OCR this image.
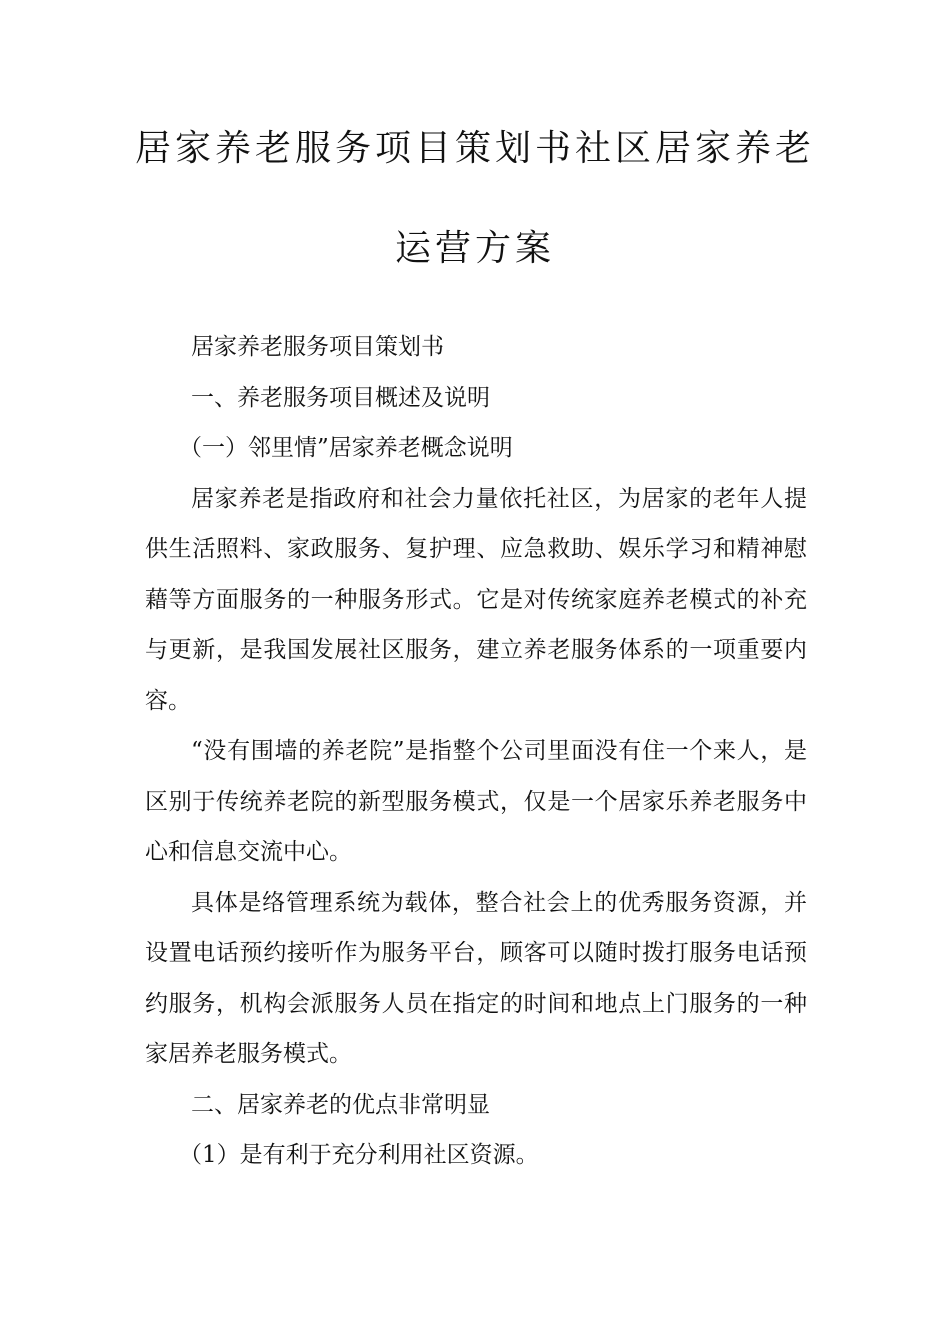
居家养老服务项目策划书社区居家养老
运营方案

居家养老服务项目策划书

一、养老服务项目概述及说明

（一）邻里情”居家养老概念说明

居家养老是指政府和社会力量依托社区，为居家的老年人提供生活照料、家政服务、复护理、应急救助、娱乐学习和精神慰藉等方面服务的一种服务形式。它是对传统家庭养老模式的补充与更新，是我国发展社区服务，建立养老服务体系的一项重要内容。

“没有围墙的养老院”是指整个公司里面没有住一个来人，是区别于传统养老院的新型服务模式，仅是一个居家乐养老服务中心和信息交流中心。

具体是络管理系统为载体，整合社会上的优秀服务资源，并设置电话预约接听作为服务平台，顾客可以随时拨打服务电话预约服务，机构会派服务人员在指定的时间和地点上门服务的一种家居养老服务模式。

二、居家养老的优点非常明显

（1）是有利于充分利用社区资源。
